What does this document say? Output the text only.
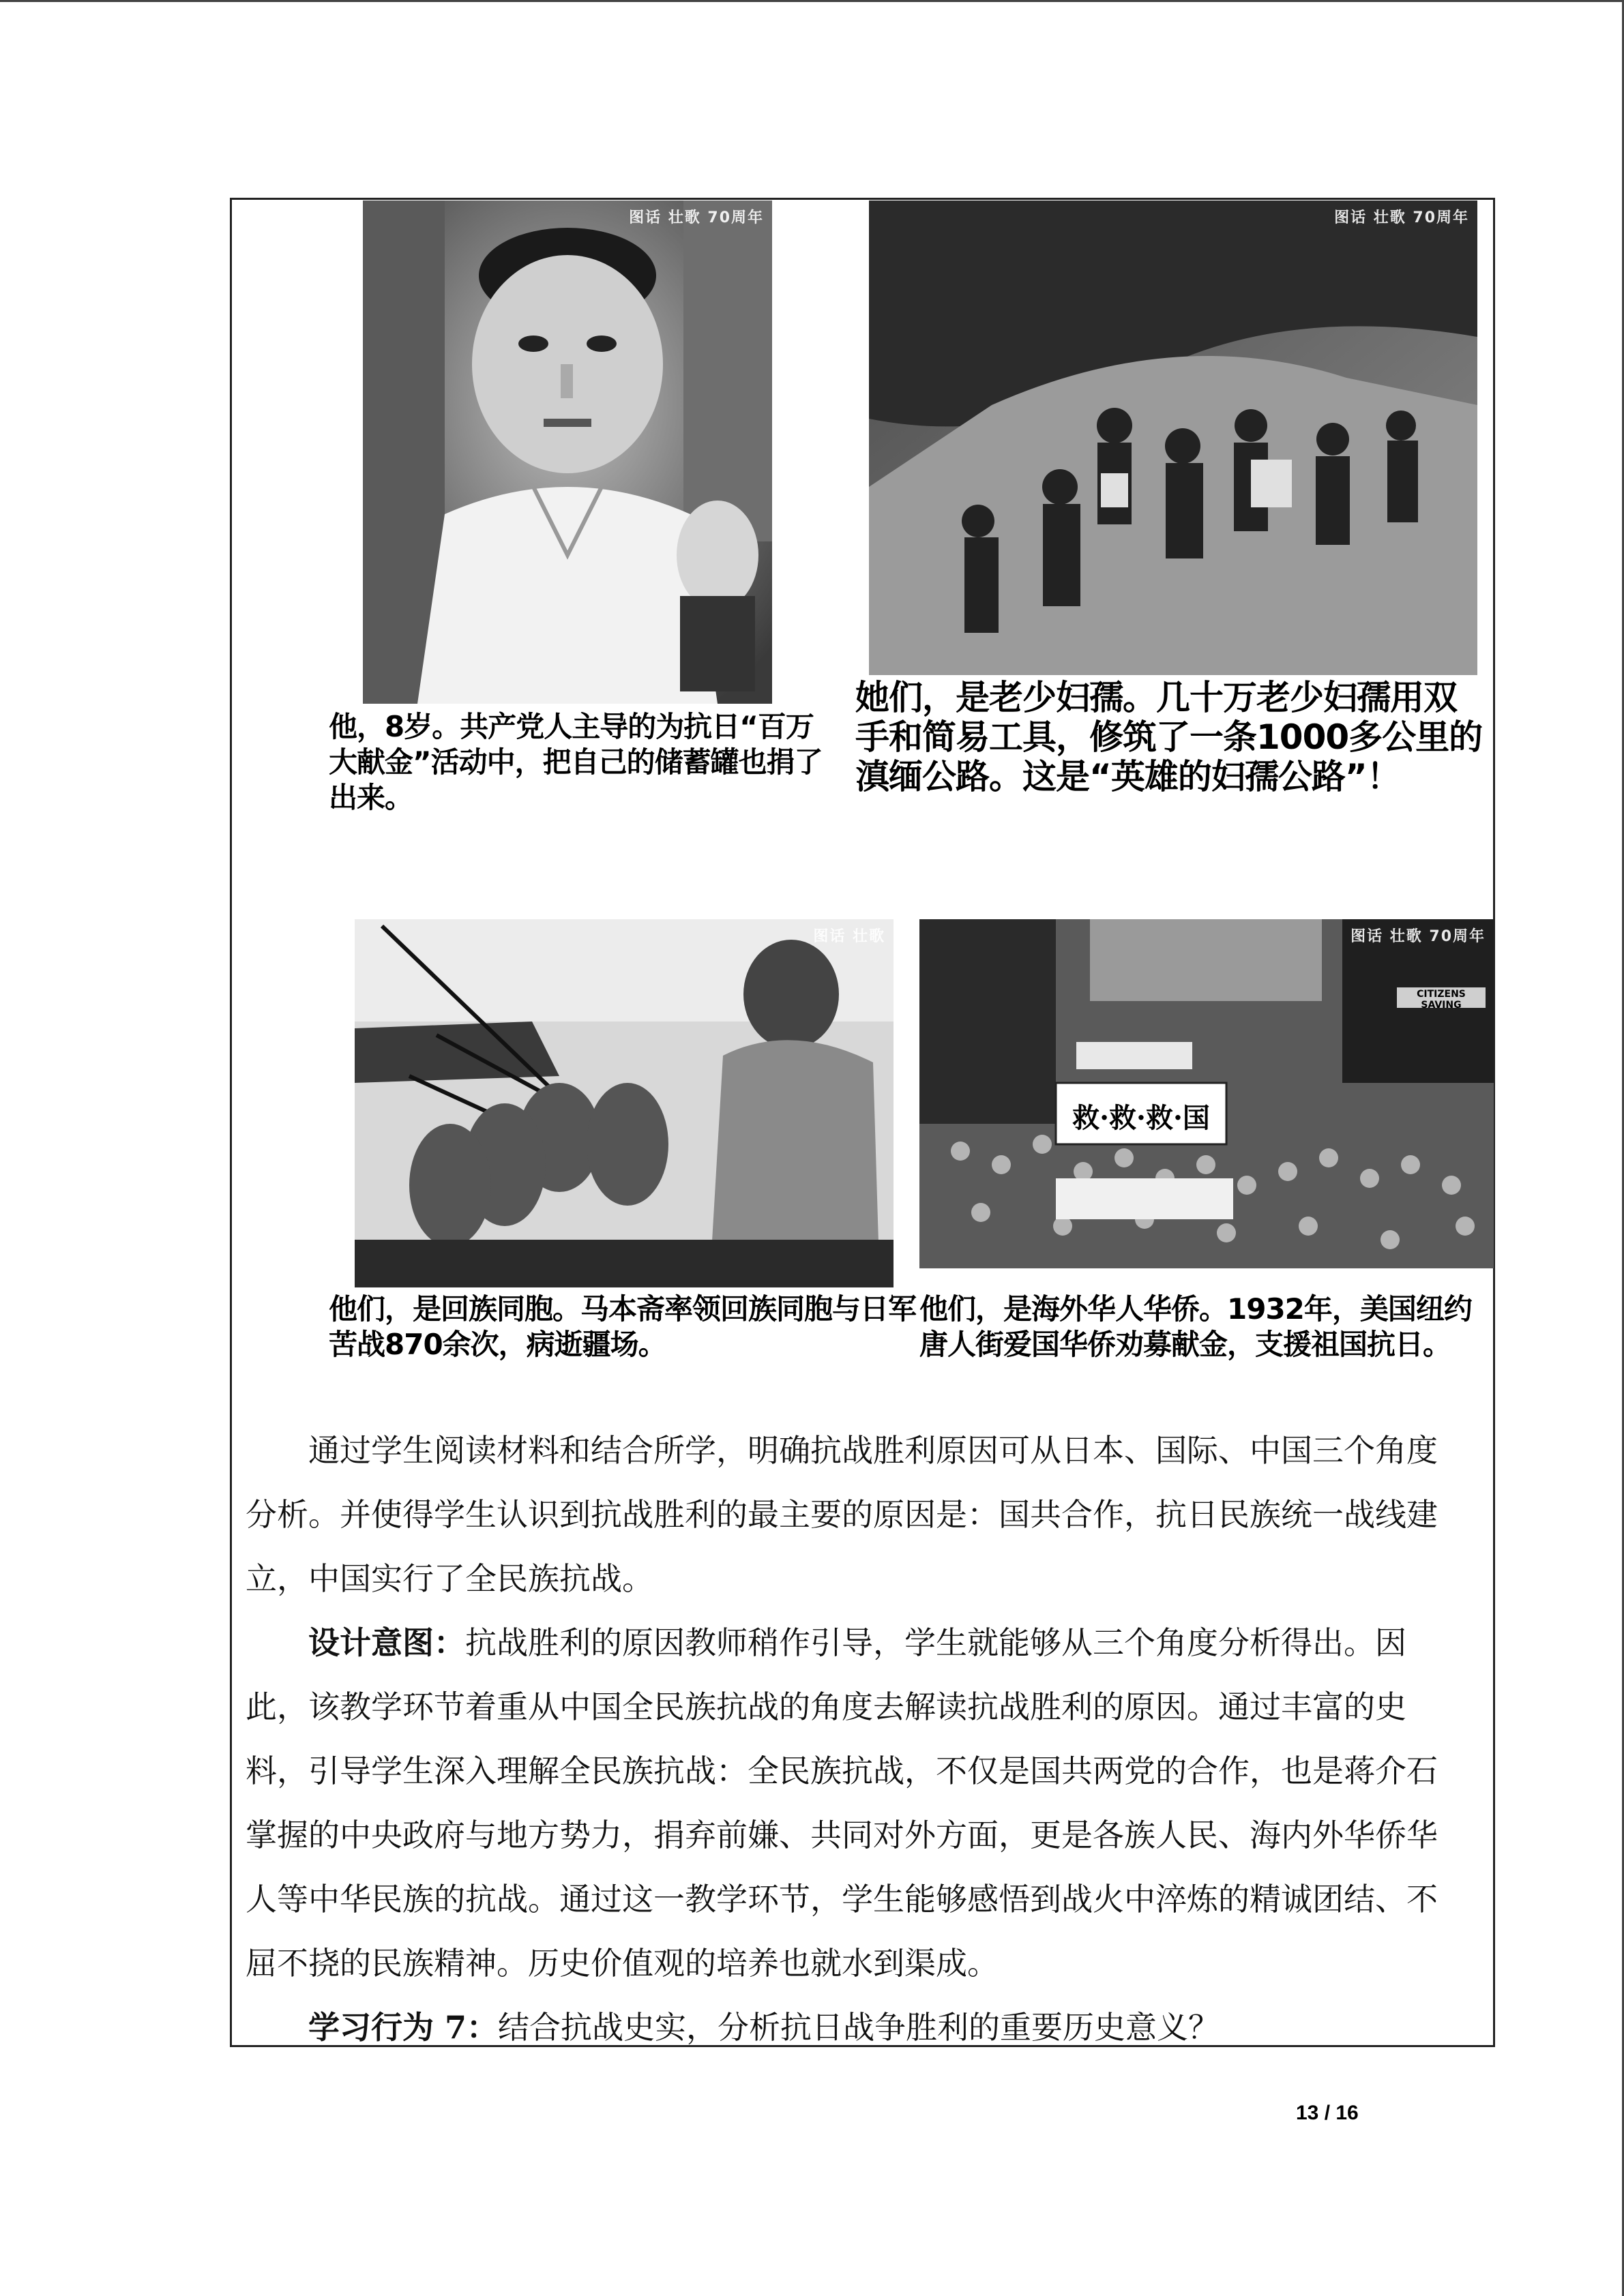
图话 壮歌 70周年	图话 壮歌 70周年
他，8岁。共产党人主导的为抗日“百万大献金”活动中，把自己的储蓄罐也捐了出来。
她们，是老少妇孺。几十万老少妇孺用双手和简易工具，修筑了一条1000多公里的滇缅公路。这是“英雄的妇孺公路”！
图话 壮歌	图话 壮歌 70周年
救·救·救·国
CITIZENS SAVING
他们，是回族同胞。马本斋率领回族同胞与日军苦战870余次，病逝疆场。
他们，是海外华人华侨。1932年，美国纽约唐人街爱国华侨劝募献金，支援祖国抗日。

通过学生阅读材料和结合所学，明确抗战胜利原因可从日本、国际、中国三个角度分析。并使得学生认识到抗战胜利的最主要的原因是：国共合作，抗日民族统一战线建立，中国实行了全民族抗战。

设计意图：抗战胜利的原因教师稍作引导，学生就能够从三个角度分析得出。因此，该教学环节着重从中国全民族抗战的角度去解读抗战胜利的原因。通过丰富的史料，引导学生深入理解全民族抗战：全民族抗战，不仅是国共两党的合作，也是蒋介石掌握的中央政府与地方势力，捐弃前嫌、共同对外方面，更是各族人民、海内外华侨华人等中华民族的抗战。通过这一教学环节，学生能够感悟到战火中淬炼的精诚团结、不屈不挠的民族精神。历史价值观的培养也就水到渠成。

学习行为 7：结合抗战史实，分析抗日战争胜利的重要历史意义？

13 / 16
